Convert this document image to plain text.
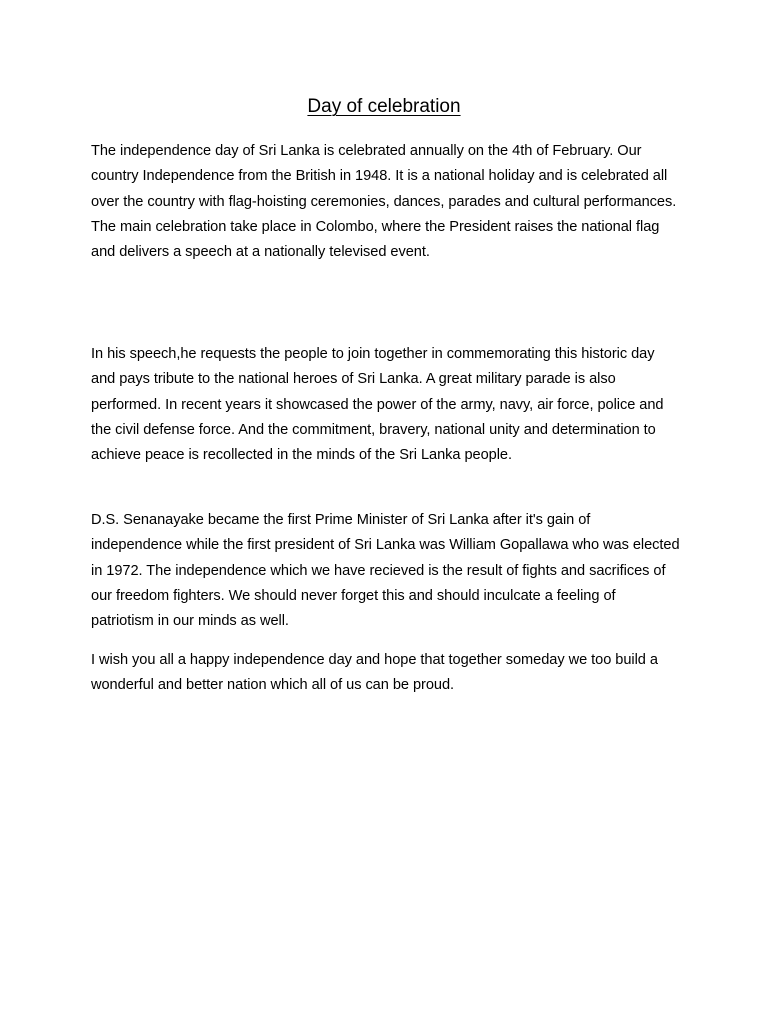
Day of celebration

The independence day of Sri Lanka is celebrated annually on the 4th of February. Our country Independence from the British in 1948. It is a national holiday and is celebrated all over the country with flag-hoisting ceremonies, dances, parades and cultural performances. The main celebration take place in Colombo, where the President raises the national flag and delivers a speech at a nationally televised event.

In his speech,he requests the people to join together in commemorating this historic day and pays tribute to the national heroes of Sri Lanka. A great military parade is also performed. In recent years it showcased the power of the army, navy, air force, police and the civil defense force. And the commitment, bravery, national unity and determination to achieve peace is recollected in the minds of the Sri Lanka people.

D.S. Senanayake became the first Prime Minister of Sri Lanka after it's gain of independence while the first president of Sri Lanka was William Gopallawa who was elected in 1972. The independence which we have recieved is the result of fights and sacrifices of our freedom fighters. We should never forget this and should inculcate a feeling of patriotism in our minds as well.

I wish you all a happy independence day and hope that together someday we too build a wonderful and better nation which all of us can be proud.
